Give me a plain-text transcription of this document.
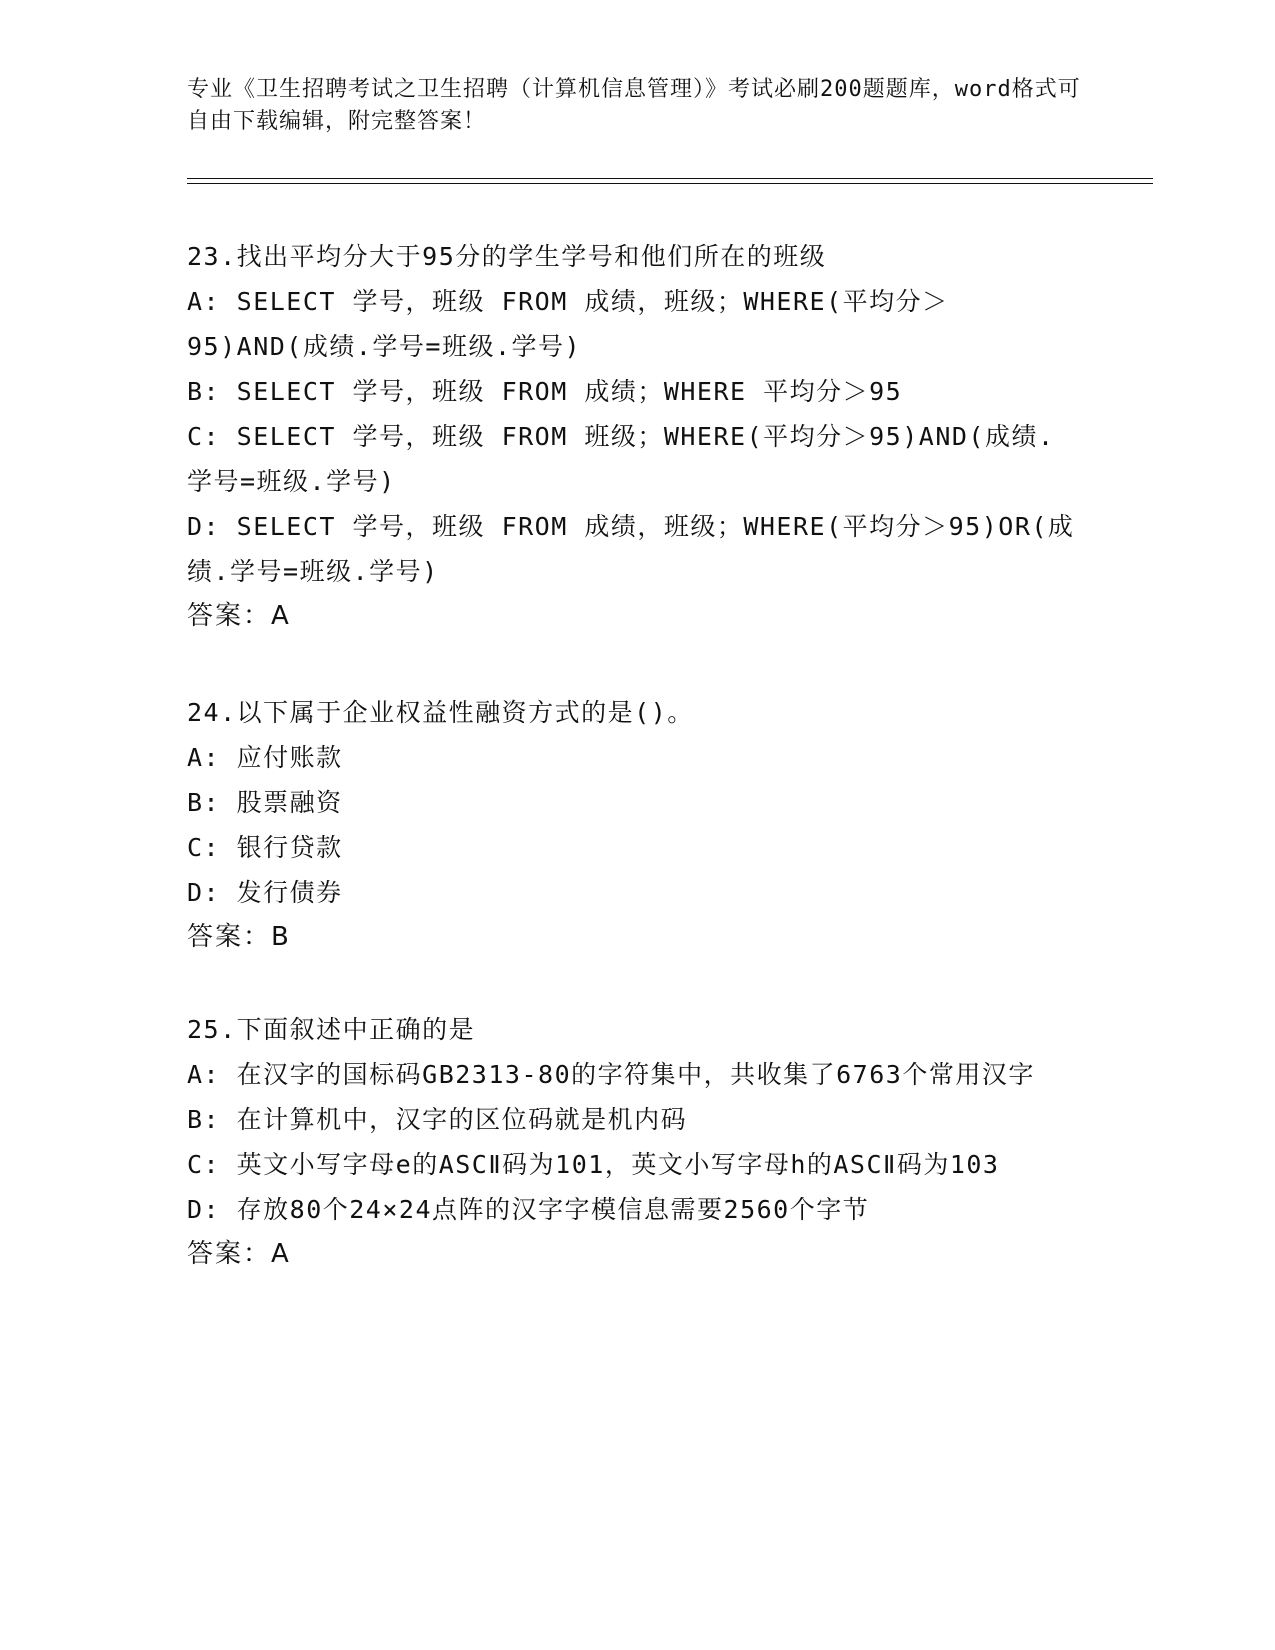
专业《卫生招聘考试之卫生招聘（计算机信息管理）》考试必刷200题题库，word格式可自由下载编辑，附完整答案！

23.找出平均分大于95分的学生学号和他们所在的班级

A: SELECT 学号，班级 FROM 成绩，班级；WHERE(平均分＞95)AND(成绩.学号=班级.学号)

B: SELECT 学号，班级 FROM 成绩；WHERE 平均分＞95

C: SELECT 学号，班级 FROM 班级；WHERE(平均分＞95)AND(成绩.学号=班级.学号)

D: SELECT 学号，班级 FROM 成绩，班级；WHERE(平均分＞95)OR(成绩.学号=班级.学号)

答案：A

24.以下属于企业权益性融资方式的是()。

A: 应付账款

B: 股票融资

C: 银行贷款

D: 发行债券

答案：B

25.下面叙述中正确的是

A: 在汉字的国标码GB2313-80的字符集中，共收集了6763个常用汉字

B: 在计算机中，汉字的区位码就是机内码

C: 英文小写字母e的ASCⅡ码为101，英文小写字母h的ASCⅡ码为103

D: 存放80个24×24点阵的汉字字模信息需要2560个字节

答案：A
